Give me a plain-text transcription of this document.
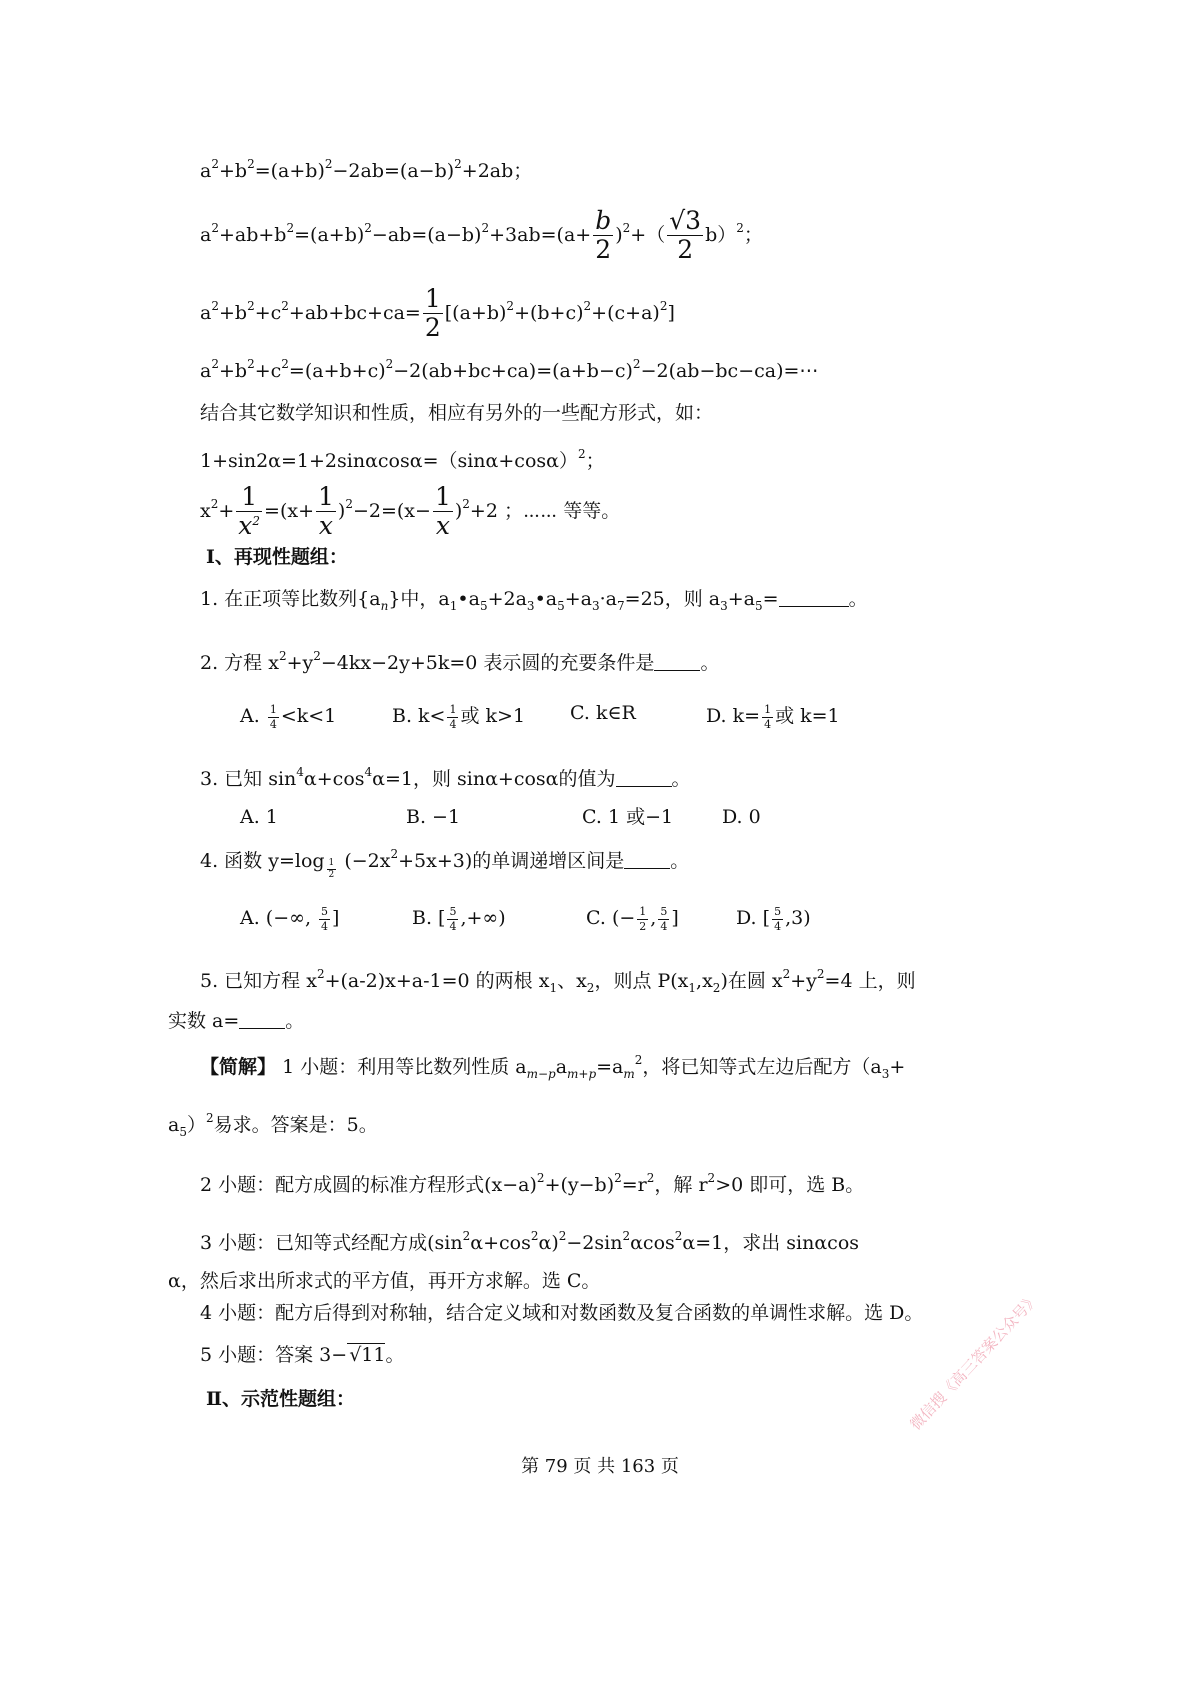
$a^2+b^2=(a+b)^2-2ab=(a-b)^2+2ab$；
$a^2+ab+b^2=(a+b)^2-ab=(a-b)^2+3ab=(a+ \frac{b}{2} )^2+( \frac{√3}{2} b)^2$；
$a^2+b^2+c^2+ab+bc+ca= \frac{1}{2} [(a+b)^2+(b+c)^2+(c+a)^2]$
$a^2+b^2+c^2=(a+b+c)^2-2(ab+bc+ca)=(a+b-c)^2-2(ab-bc-ca)=\cdots$
结合其它数学知识和性质，相应有另外的一些配方形式，如：
$1+\sin 2\alpha=1+2\sin\alpha\cos\alpha=(\sin\alpha+\cos\alpha)^2$；
$x^2+ \frac{1}{x^2} =(x+ \frac{1}{x} )^2-2=(x- \frac{1}{x} )^2+2$ ；⋯⋯ 等等。
Ⅰ、再现性题组：
1. 在正项等比数列$\{a_n\}$中，$a_1•a_5+2a_3•a_5+a_3\cdot a_7=25$，则 $a_3+a_5=$	。
2. 方程 $x^2+y^2-4kx-2y+5k=0$ 表示圆的充要条件是 。
A. $\frac{1}{4} <k<1$	B. $k< \frac{1}{4}$ 或 k>1 C. k∈R	D. $k= \frac{1}{4}$ 或 k=1
3. 已知 $\sin^4\alpha+\cos^4\alpha=1$，则 sinα+cosα的值为	。
A. 1	B. −1	C. 1 或−1	D. 0
4. 函数 $y=\log \frac{1}{2} (-2x^2+5x+3)$的单调递增区间是 。
A. (−∞, $\frac{5}{4}$ ]	B. [ $\frac{5}{4}$ ,+∞)	C. (− $\frac{1}{2}$ , $\frac{5}{4}$ ]	D. [ $\frac{5}{4} ,3$)
5. 已知方程 $x^2+(a-2)x+a-1=0$ 的两根 $x_1$、$x_2$，则点 $P(x_1,x_2)$在圆 $x^2+y^2=4$ 上，则
实数 a= 。
【简解】 1 小题：利用等比数列性质 $a_{m-p}a_{m+p}=a_m^2$，将已知等式左边后配方（$a_3+$
$a_5)^2$易求。答案是：5。
2 小题：配方成圆的标准方程形式$(x-a)^2+(y-b)^2=r^2$，解 $r^2>0$ 即可，选 B。
3 小题：已知等式经配方成$(\sin^2\alpha+\cos^2\alpha)^2-2\sin^2\alpha\cos^2\alpha=1$，求出 sinαcos
α，然后求出所求式的平方值，再开方求解。选 C。
4 小题：配方后得到对称轴，结合定义域和对数函数及复合函数的单调性求解。选 D。
5 小题：答案 3− √11。
Ⅱ、示范性题组：
第 79 页 共 163 页
微信搜《高三答案公众号》
